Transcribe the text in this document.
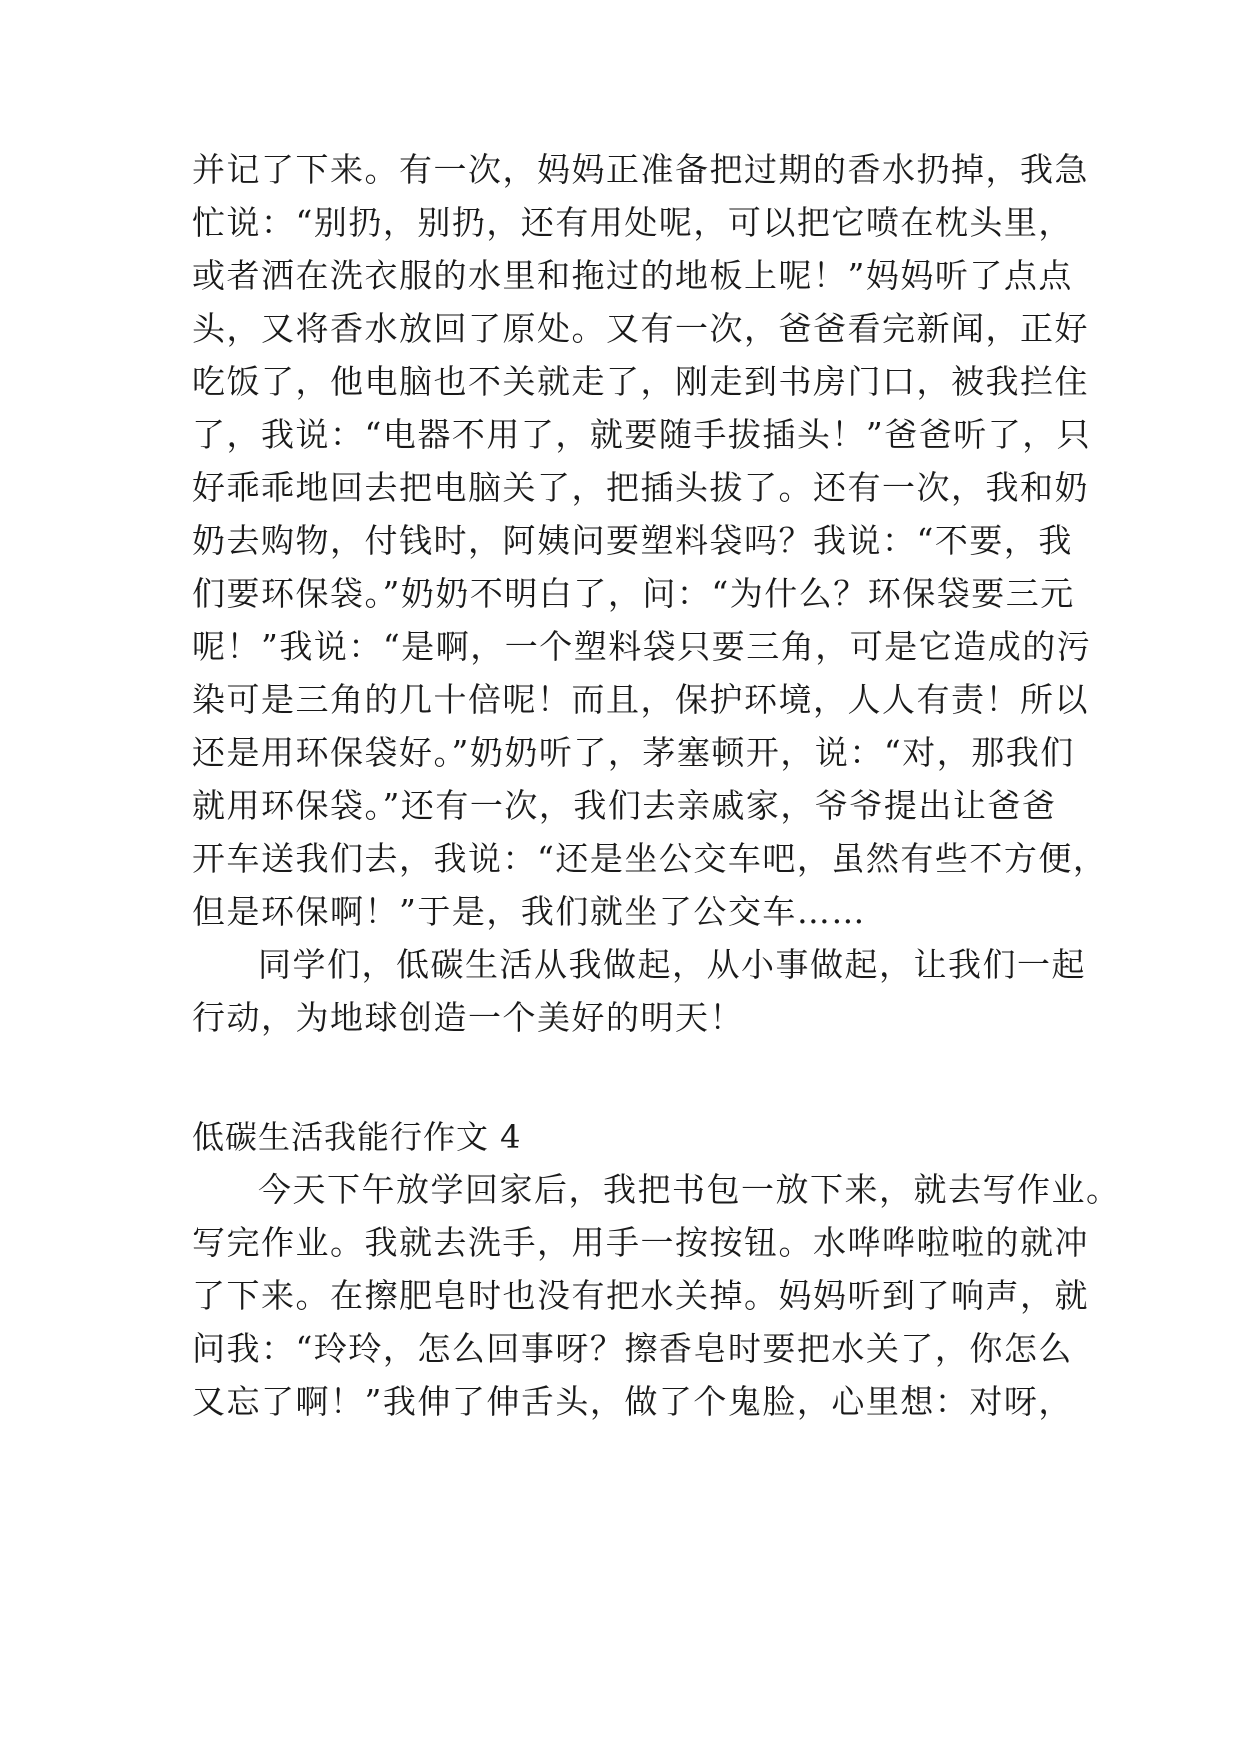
并记了下来。有一次，妈妈正准备把过期的香水扔掉，我急
忙说：“别扔，别扔，还有用处呢，可以把它喷在枕头里，
或者洒在洗衣服的水里和拖过的地板上呢！”妈妈听了点点
头，又将香水放回了原处。又有一次，爸爸看完新闻，正好
吃饭了，他电脑也不关就走了，刚走到书房门口，被我拦住
了，我说：“电器不用了，就要随手拔插头！”爸爸听了，只
好乖乖地回去把电脑关了，把插头拔了。还有一次，我和奶
奶去购物，付钱时，阿姨问要塑料袋吗？我说：“不要，我
们要环保袋。”奶奶不明白了，问：“为什么？环保袋要三元
呢！”我说：“是啊，一个塑料袋只要三角，可是它造成的污
染可是三角的几十倍呢！而且，保护环境，人人有责！所以
还是用环保袋好。”奶奶听了，茅塞顿开，说：“对，那我们
就用环保袋。”还有一次，我们去亲戚家，爷爷提出让爸爸
开车送我们去，我说：“还是坐公交车吧，虽然有些不方便，
但是环保啊！”于是，我们就坐了公交车……
同学们，低碳生活从我做起，从小事做起，让我们一起
行动，为地球创造一个美好的明天！
低碳生活我能行作文 4
今天下午放学回家后，我把书包一放下来，就去写作业。
写完作业。我就去洗手，用手一按按钮。水哗哗啦啦的就冲
了下来。在擦肥皂时也没有把水关掉。妈妈听到了响声，就
问我：“玲玲，怎么回事呀？擦香皂时要把水关了，你怎么
又忘了啊！”我伸了伸舌头，做了个鬼脸，心里想：对呀，
